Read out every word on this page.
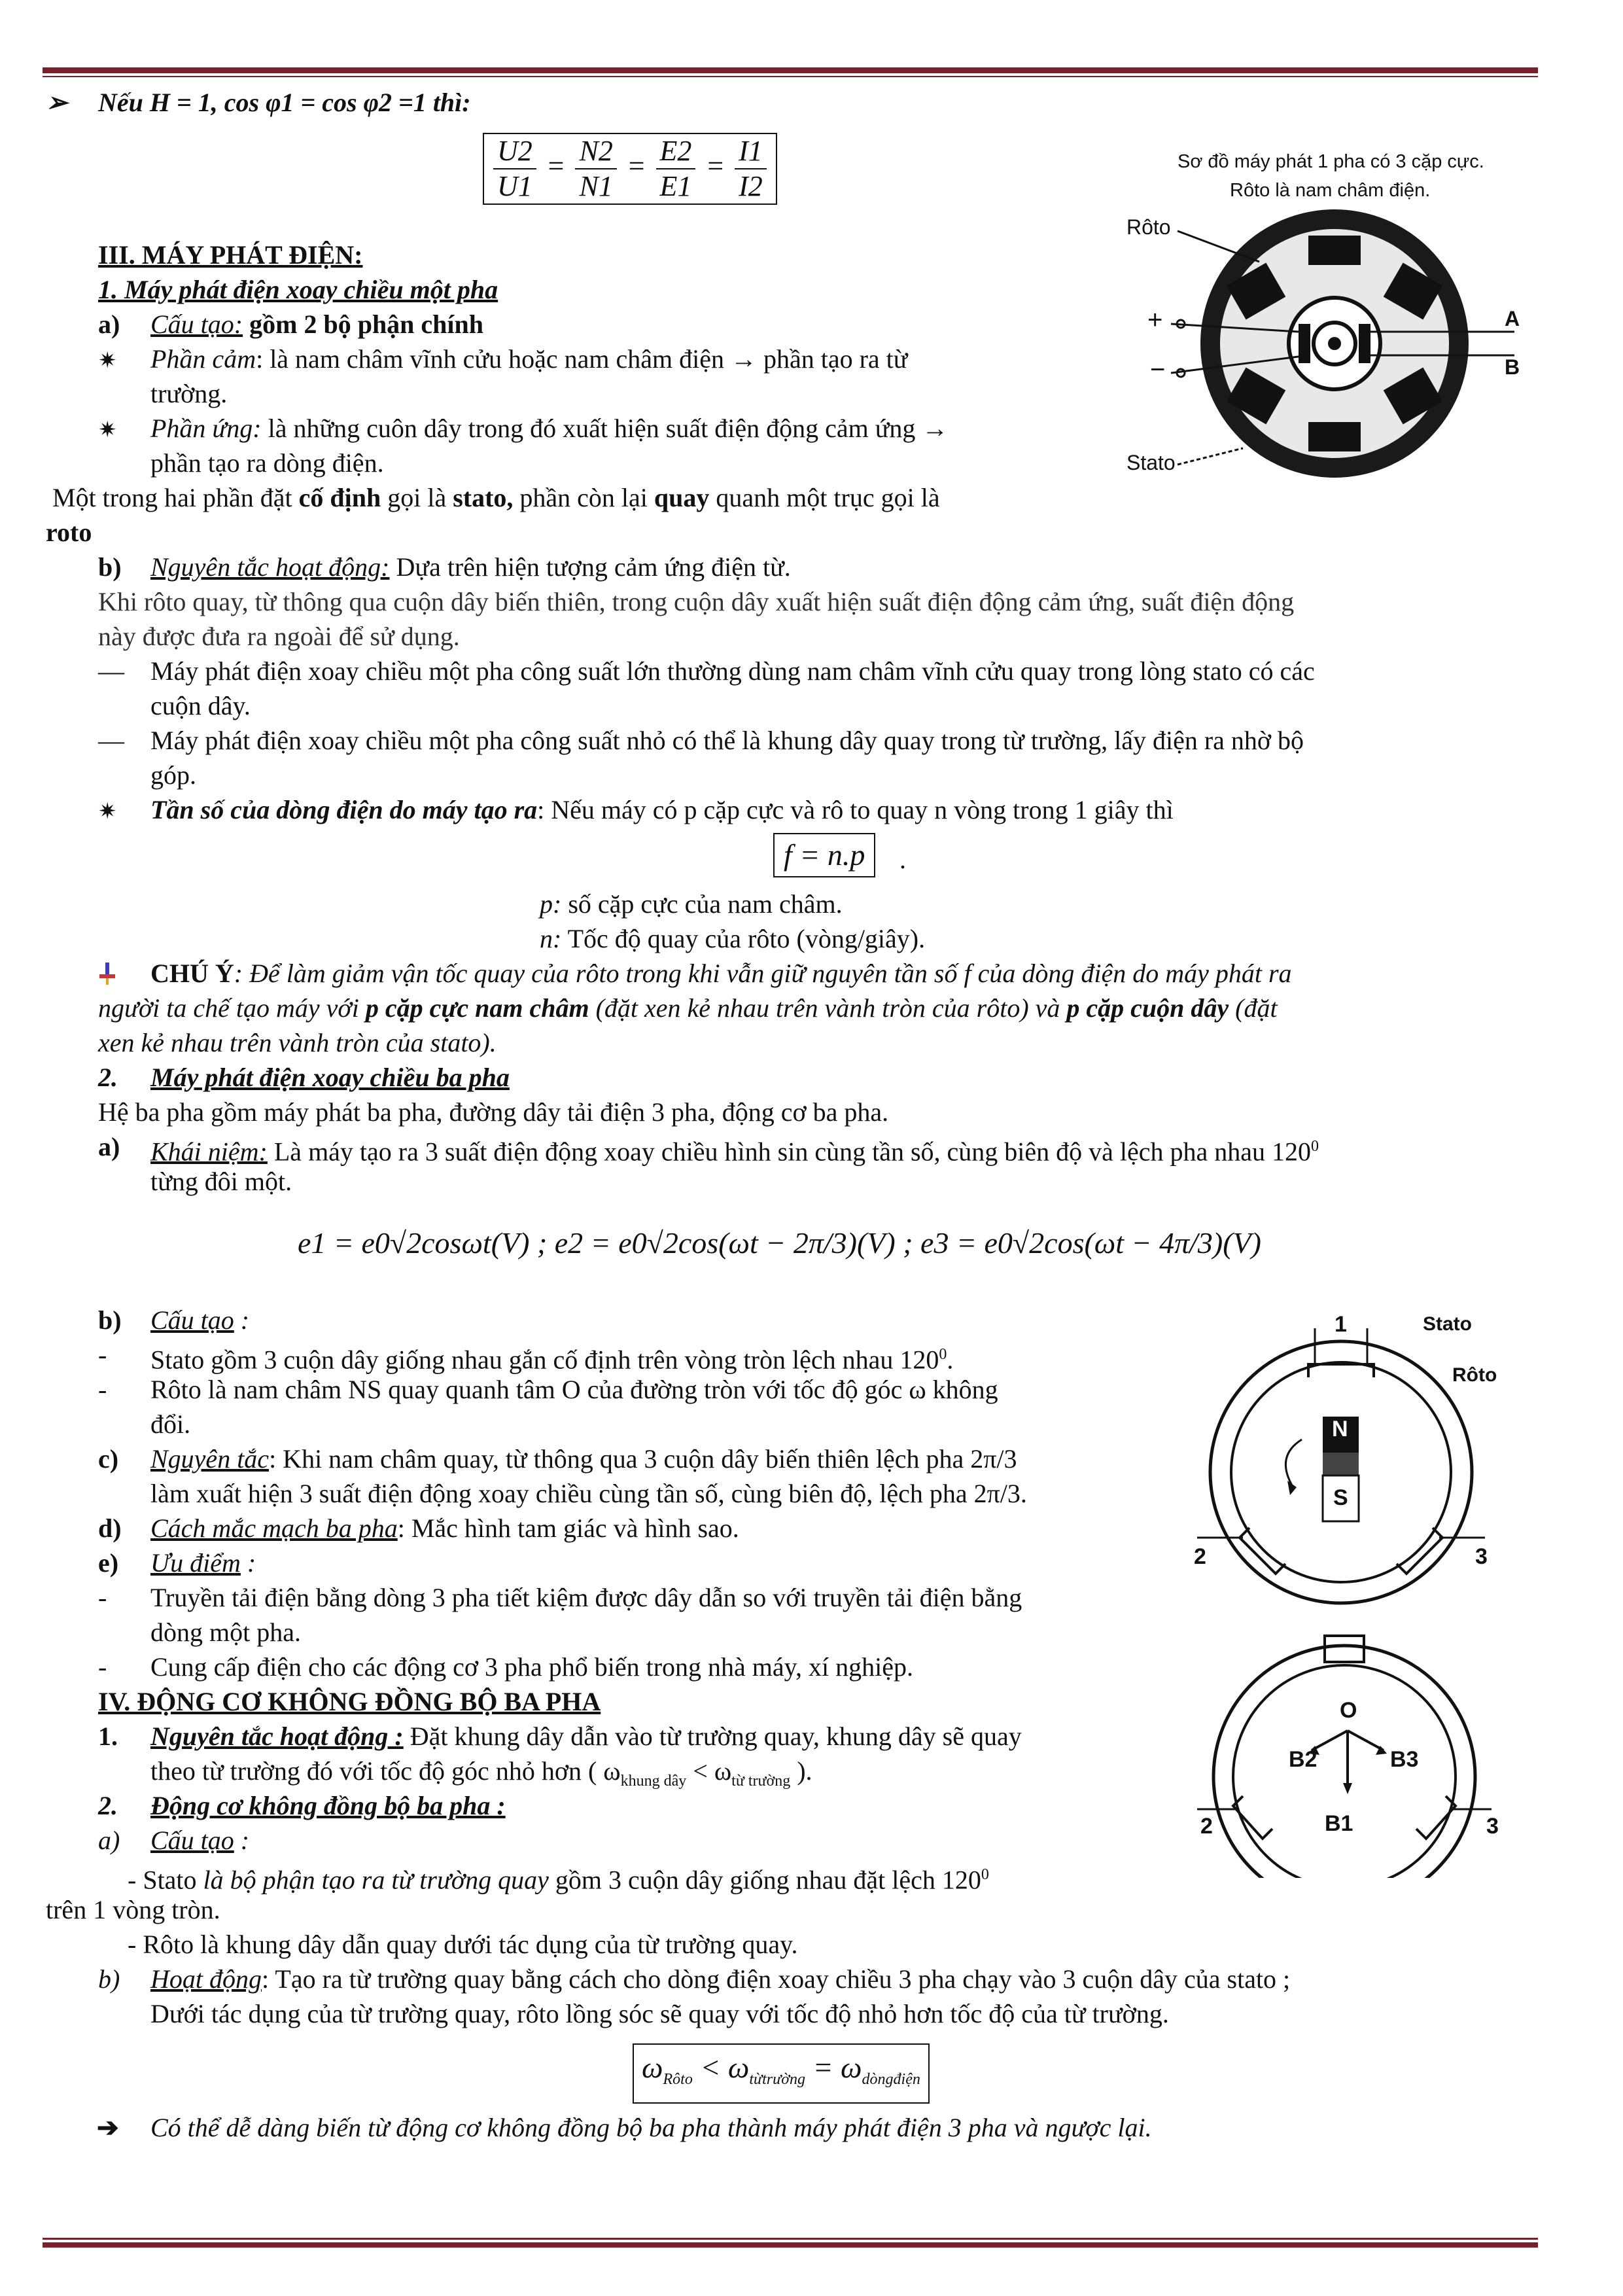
➢ Nếu H = 1, cos φ1 = cos φ2 =1 thì:
$\frac{U2}{U1} = \frac{N2}{N1} = \frac{E2}{E1} = \frac{I1}{I2}$
III. MÁY PHÁT ĐIỆN:
1. Máy phát điện xoay chiều một pha
a) Cấu tạo: gồm 2 bộ phận chính
✷ Phần cảm: là nam châm vĩnh cửu hoặc nam châm điện → phần tạo ra từ
trường.
✷ Phần ứng: là những cuôn dây trong đó xuất hiện suất điện động cảm ứng →
phần tạo ra dòng điện.
Một trong hai phần đặt cố định gọi là stato, phần còn lại quay quanh một trục gọi là
roto
b) Nguyên tắc hoạt động: Dựa trên hiện tượng cảm ứng điện từ.
Khi rôto quay, từ thông qua cuộn dây biến thiên, trong cuộn dây xuất hiện suất điện động cảm ứng, suất điện động
này được đưa ra ngoài để sử dụng.
— Máy phát điện xoay chiều một pha công suất lớn thường dùng nam châm vĩnh cửu quay trong lòng stato có các
cuộn dây.
— Máy phát điện xoay chiều một pha công suất nhỏ có thể là khung dây quay trong từ trường, lấy điện ra nhờ bộ
góp.
✷ Tần số của dòng điện do máy tạo ra: Nếu máy có p cặp cực và rô to quay n vòng trong 1 giây thì
f = n.p	.
p: số cặp cực của nam châm.
n: Tốc độ quay của rôto (vòng/giây).
CHÚ Ý: Để làm giảm vận tốc quay của rôto trong khi vẫn giữ nguyên tần số f của dòng điện do máy phát ra
người ta chế tạo máy với p cặp cực nam châm (đặt xen kẻ nhau trên vành tròn của rôto) và p cặp cuộn dây (đặt
xen kẻ nhau trên vành tròn của stato).
2. Máy phát điện xoay chiều ba pha
Hệ ba pha gồm máy phát ba pha, đường dây tải điện 3 pha, động cơ ba pha.
a) Khái niệm: Là máy tạo ra 3 suất điện động xoay chiều hình sin cùng tần số, cùng biên độ và lệch pha nhau $120^0$
từng đôi một.
e1 = e0√2cosωt(V) ; e2 = e0√2cos(ωt − 2π/3)(V) ; e3 = e0√2cos(ωt − 4π/3)(V)
b) Cấu tạo :
- Stato gồm 3 cuộn dây giống nhau gắn cố định trên vòng tròn lệch nhau $120^0$.
- Rôto là nam châm NS quay quanh tâm O của đường tròn với tốc độ góc ω không
đổi.
c) Nguyên tắc: Khi nam châm quay, từ thông qua 3 cuộn dây biến thiên lệch pha 2π/3
làm xuất hiện 3 suất điện động xoay chiều cùng tần số, cùng biên độ, lệch pha 2π/3.
d) Cách mắc mạch ba pha: Mắc hình tam giác và hình sao.
e) Ưu điểm :
- Truyền tải điện bằng dòng 3 pha tiết kiệm được dây dẫn so với truyền tải điện bằng
dòng một pha.
- Cung cấp điện cho các động cơ 3 pha phổ biến trong nhà máy, xí nghiệp.
IV. ĐỘNG CƠ KHÔNG ĐỒNG BỘ BA PHA
1. Nguyên tắc hoạt động : Đặt khung dây dẫn vào từ trường quay, khung dây sẽ quay
theo từ trường đó với tốc độ góc nhỏ hơn ( $\omega_{khung dây} < \omega_{từ trường}$ ).
2. Động cơ không đồng bộ ba pha :
a) Cấu tạo :
- Stato là bộ phận tạo ra từ trường quay gồm 3 cuộn dây giống nhau đặt lệch $120^0$
trên 1 vòng tròn.
- Rôto là khung dây dẫn quay dưới tác dụng của từ trường quay.
b) Hoạt động: Tạo ra từ trường quay bằng cách cho dòng điện xoay chiều 3 pha chạy vào 3 cuộn dây của stato ;
Dưới tác dụng của từ trường quay, rôto lồng sóc sẽ quay với tốc độ nhỏ hơn tốc độ của từ trường.
$\omega_{Rôto} < \omega_{từtrường} = \omega_{dòngđiện}$
➔ Có thể dễ dàng biến từ động cơ không đồng bộ ba pha thành máy phát điện 3 pha và ngược lại.
Sơ đồ máy phát 1 pha có 3 cặp cực.
Rôto là nam châm điện.
Rôto
+
−
A
B
Stato
1	Stato
Rôto
N
S
2	3
O
B2	B3
B1
2	3
